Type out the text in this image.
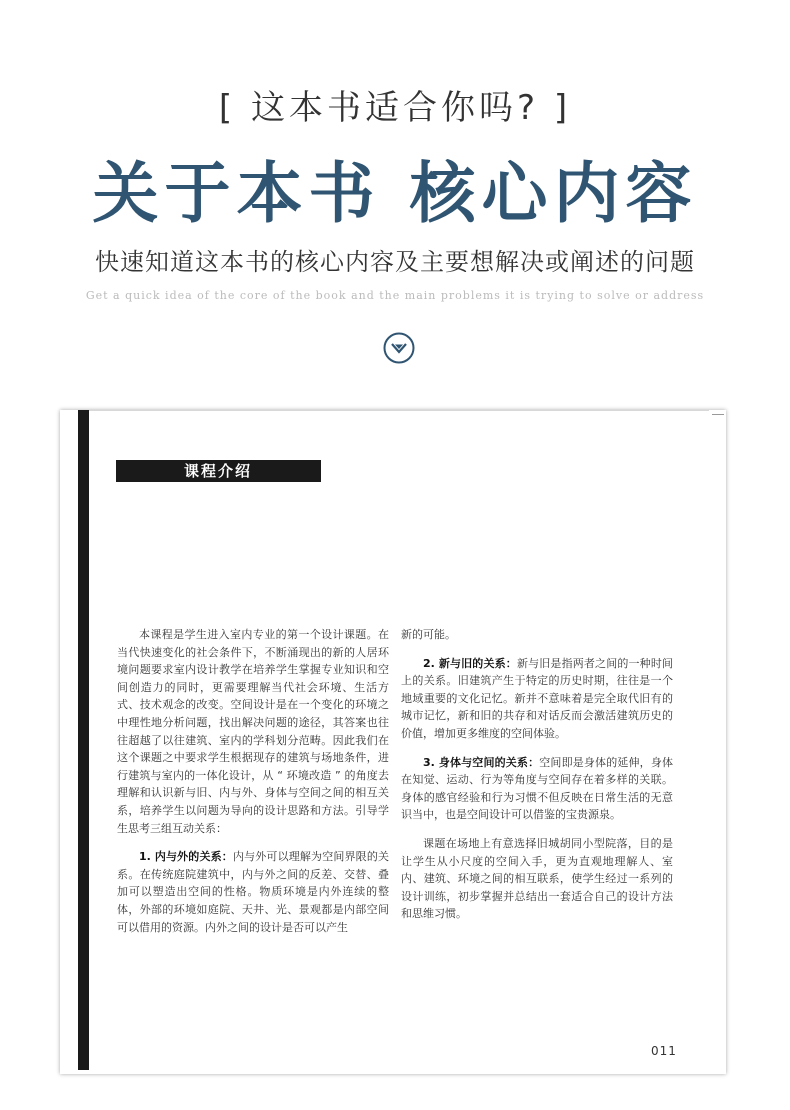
[ 这本书适合你吗? ]
关于本书 核心内容
快速知道这本书的核心内容及主要想解决或阐述的问题
Get a quick idea of the core of the book and the main problems it is trying to solve or address
课程介绍

本课程是学生进入室内专业的第一个设计课题。在当代快速变化的社会条件下，不断涌现出的新的人居环境问题要求室内设计教学在培养学生掌握专业知识和空间创造力的同时，更需要理解当代社会环境、生活方式、技术观念的改变。空间设计是在一个变化的环境之中理性地分析问题，找出解决问题的途径，其答案也往往超越了以往建筑、室内的学科划分范畴。因此我们在这个课题之中要求学生根据现存的建筑与场地条件，进行建筑与室内的一体化设计，从 “ 环境改造 ” 的角度去理解和认识新与旧、内与外、身体与空间之间的相互关系，培养学生以问题为导向的设计思路和方法。引导学生思考三组互动关系：

1. 内与外的关系：内与外可以理解为空间界限的关系。在传统庭院建筑中，内与外之间的反差、交替、叠加可以塑造出空间的性格。物质环境是内外连续的整体，外部的环境如庭院、天井、光、景观都是内部空间可以借用的资源。内外之间的设计是否可以产生

新的可能。

2. 新与旧的关系：新与旧是指两者之间的一种时间上的关系。旧建筑产生于特定的历史时期，往往是一个地域重要的文化记忆。新并不意味着是完全取代旧有的城市记忆，新和旧的共存和对话反而会激活建筑历史的价值，增加更多维度的空间体验。

3. 身体与空间的关系：空间即是身体的延伸，身体在知觉、运动、行为等角度与空间存在着多样的关联。身体的感官经验和行为习惯不但反映在日常生活的无意识当中，也是空间设计可以借鉴的宝贵源泉。

课题在场地上有意选择旧城胡同小型院落，目的是让学生从小尺度的空间入手，更为直观地理解人、室内、建筑、环境之间的相互联系，使学生经过一系列的设计训练，初步掌握并总结出一套适合自己的设计方法和思维习惯。

011
